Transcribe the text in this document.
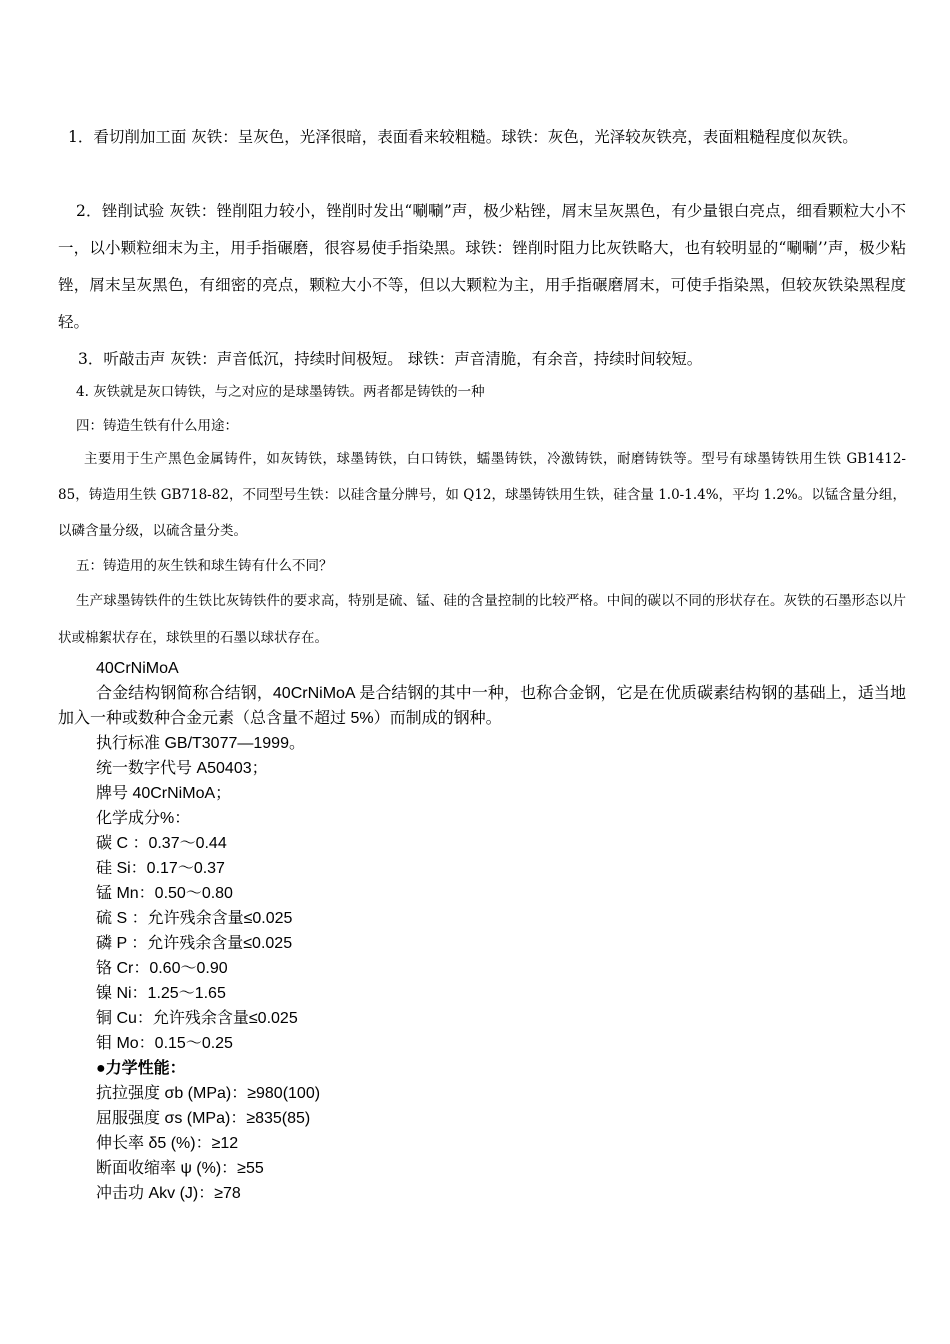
1．看切削加工面 灰铁：呈灰色，光泽很暗，表面看来较粗糙。球铁：灰色，光泽较灰铁亮，表面粗糙程度似灰铁。

2．锉削试验 灰铁：锉削阻力较小，锉削时发出“唰唰”声，极少粘锉，屑末呈灰黑色，有少量银白亮点，细看颗粒大小不一，以小颗粒细末为主，用手指碾磨，很容易使手指染黑。球铁：锉削时阻力比灰铁略大，也有较明显的“唰唰’’声，极少粘锉，屑末呈灰黑色，有细密的亮点，颗粒大小不等，但以大颗粒为主，用手指碾磨屑末，可使手指染黑，但较灰铁染黑程度轻。

3．听敲击声 灰铁：声音低沉，持续时间极短。 球铁：声音清脆，有余音，持续时间较短。

4. 灰铁就是灰口铸铁，与之对应的是球墨铸铁。两者都是铸铁的一种

四：铸造生铁有什么用途：

主要用于生产黑色金属铸件，如灰铸铁，球墨铸铁，白口铸铁，蠕墨铸铁，冷激铸铁，耐磨铸铁等。型号有球墨铸铁用生铁 GB1412-85，铸造用生铁 GB718-82，不同型号生铁：以硅含量分牌号，如 Q12，球墨铸铁用生铁，硅含量 1.0-1.4%，平均 1.2%。以锰含量分组，以磷含量分级，以硫含量分类。

五：铸造用的灰生铁和球生铸有什么不同？

生产球墨铸铁件的生铁比灰铸铁件的要求高，特别是硫、锰、硅的含量控制的比较严格。中间的碳以不同的形状存在。灰铁的石墨形态以片状或棉絮状存在，球铁里的石墨以球状存在。

40CrNiMoA

合金结构钢简称合结钢，40CrNiMoA 是合结钢的其中一种，也称合金钢，它是在优质碳素结构钢的基础上，适当地加入一种或数种合金元素（总含量不超过 5%）而制成的钢种。

执行标准 GB/T3077—1999。

统一数字代号 A50403；

牌号 40CrNiMoA；

化学成分%：

碳 C ：0.37～0.44

硅 Si：0.17～0.37

锰 Mn：0.50～0.80

硫 S ：允许残余含量≤0.025

磷 P ：允许残余含量≤0.025

铬 Cr：0.60～0.90

镍 Ni：1.25～1.65

铜 Cu：允许残余含量≤0.025

钼 Mo：0.15～0.25

●力学性能：

抗拉强度 σb (MPa)：≥980(100)

屈服强度 σs (MPa)：≥835(85)

伸长率 δ5 (%)：≥12

断面收缩率 ψ (%)：≥55

冲击功 Akv (J)：≥78
